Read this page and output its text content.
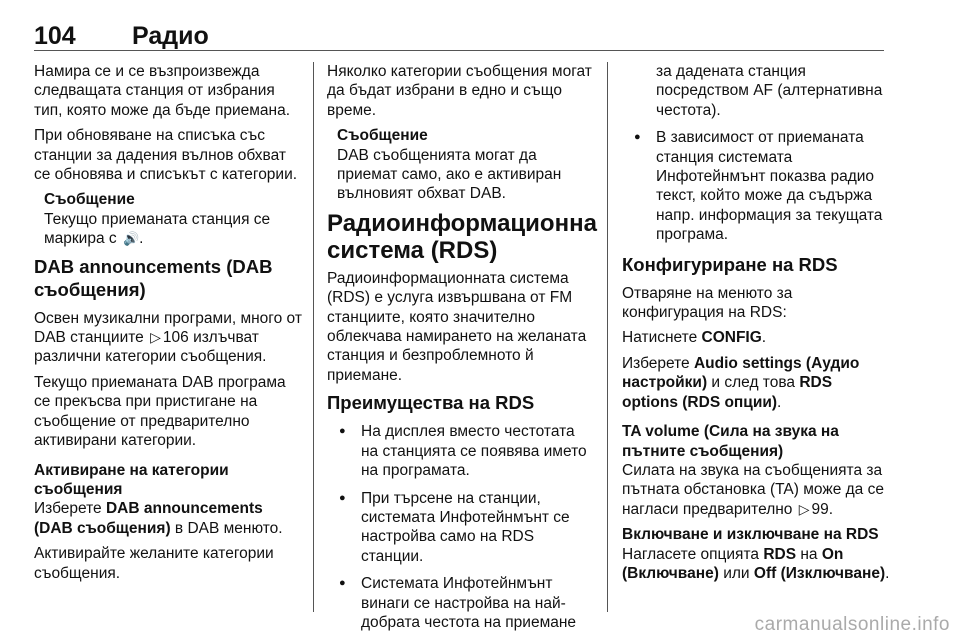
104 Радио

Намира се и се възпроизвежда следващата станция от избрания тип, която може да бъде приемана.

При обновяване на списъка със станции за дадения вълнов обхват се обновява и списъкът с категории.

Съобщение
Текущо приеманата станция се маркира с 🔊.
DAB announcements (DAB съобщения)

Освен музикални програми, много от DAB станциите ▷ 106 излъчват различни категории съобщения.

Текущо приеманата DAB програма се прекъсва при пристигане на съобщение от предварително активирани категории.

Активиране на категории съобщения

Изберете DAB announcements (DAB съобщения) в DAB менюто.

Активирайте желаните категории съобщения.

Няколко категории съобщения могат да бъдат избрани в едно и също време.

Съобщение
DAB съобщенията могат да приемат само, ако е активиран вълновият обхват DAB.
Радиоинформационна система (RDS)

Радиоинформационната система (RDS) е услуга извършвана от FM станциите, която значително облекчава намирането на желаната станция и безпроблемното й приемане.

Преимущества на RDS
● На дисплея вместо честотата на станцията се появява името на програмата.
● При търсене на станции, системата Инфотейнмънт се настройва само на RDS станции.
● Системата Инфотейнмънт винаги се настройва на най-добрата честота на приемане
за дадената станция посредством AF (алтернативна честота).
● В зависимост от приеманата станция системата Инфотейнмънт показва радио текст, който може да съдържа напр. информация за текущата програма.
Конфигуриране на RDS

Отваряне на менюто за конфигурация на RDS:

Натиснете CONFIG.

Изберете Audio settings (Аудио настройки) и след това RDS options (RDS опции).

TA volume (Сила на звука на пътните съобщения)

Силата на звука на съобщенията за пътната обстановка (TA) може да се нагласи предварително ▷ 99.

Включване и изключване на RDS

Нагласете опцията RDS на On (Включване) или Off (Изключване).

carmanualsonline.info
